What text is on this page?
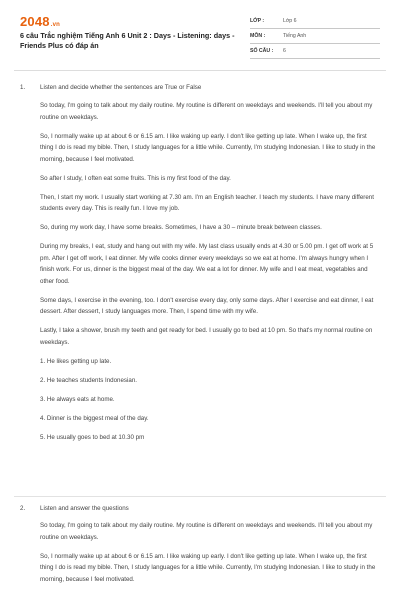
2048.vn
6 câu Trắc nghiệm Tiếng Anh 6 Unit 2 : Days - Listening: days - Friends Plus có đáp án
LỚP :	Lớp 6
MÔN :	Tiếng Anh
SỐ CÂU :	6
1. Listen and decide whether the sentences are True or False

So today, I'm going to talk about my daily routine. My routine is different on weekdays and weekends. I'll tell you about my routine on weekdays.

So, I normally wake up at about 6 or 6.15 am. I like waking up early. I don't like getting up late. When I wake up, the first thing I do is read my bible. Then, I study languages for a little while. Currently, I'm studying Indonesian. I like to study in the morning, because I feel motivated.

So after I study, I often eat some fruits. This is my first food of the day.

Then, I start my work. I usually start working at 7.30 am. I'm an English teacher. I teach my students. I have many different students every day. This is really fun. I love my job.

So, during my work day, I have some breaks. Sometimes, I have a 30 – minute break between classes.

During my breaks, I eat, study and hang out with my wife. My last class usually ends at 4.30 or 5.00 pm. I get off work at 5 pm. After I get off work, I eat dinner. My wife cooks dinner every weekdays so we eat at home. I'm always hungry when I finish work. For us, dinner is the biggest meal of the day. We eat a lot for dinner. My wife and I eat meat, vegetables and other food.

Some days, I exercise in the evening, too. I don't exercise every day, only some days. After I exercise and eat dinner, I eat dessert. After dessert, I study languages more. Then, I spend time with my wife.

Lastly, I take a shower, brush my teeth and get ready for bed. I usually go to bed at 10 pm. So that's my normal routine on weekdays.

1. He likes getting up late.

2. He teaches students Indonesian.

3. He always eats at home.

4. Dinner is the biggest meal of the day.

5. He usually goes to bed at 10.30 pm

2. Listen and answer the questions

So today, I'm going to talk about my daily routine. My routine is different on weekdays and weekends. I'll tell you about my routine on weekdays.

So, I normally wake up at about 6 or 6.15 am. I like waking up early. I don't like getting up late. When I wake up, the first thing I do is read my bible. Then, I study languages for a little while. Currently, I'm studying Indonesian. I like to study in the morning, because I feel motivated.
